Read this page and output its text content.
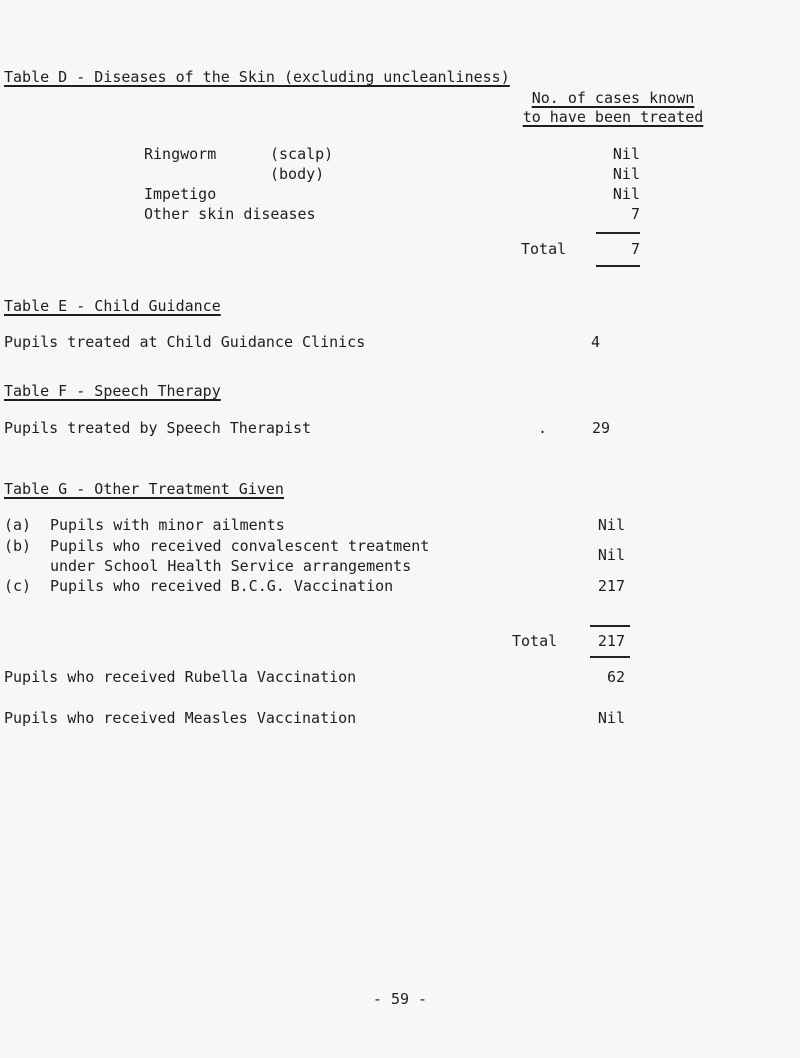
Table D - Diseases of the Skin (excluding uncleanliness)
No. of cases known
to have been treated
Ringworm	(scalp)	Nil
(body)	Nil
Impetigo	Nil
Other skin diseases	7
Total	7
Table E - Child Guidance
Pupils treated at Child Guidance Clinics	4
Table F - Speech Therapy
Pupils treated by Speech Therapist	.	29
Table G - Other Treatment Given
(a) Pupils with minor ailments	Nil
(b) Pupils who received convalescent treatment
under School Health Service arrangements
Nil
(c) Pupils who received B.C.G. Vaccination	217
Total	217
Pupils who received Rubella Vaccination	62
Pupils who received Measles Vaccination	Nil
- 59 -
